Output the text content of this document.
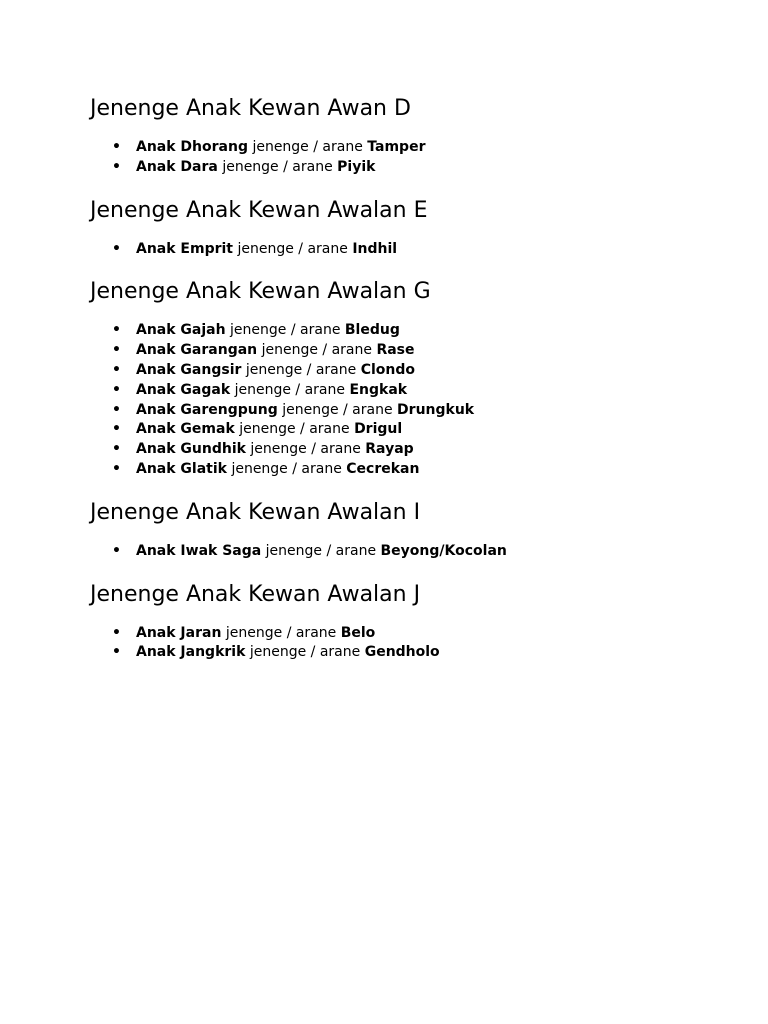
Jenenge Anak Kewan Awan D
• Anak Dhorang jenenge / arane Tamper
• Anak Dara jenenge / arane Piyik
Jenenge Anak Kewan Awalan E
• Anak Emprit jenenge / arane Indhil
Jenenge Anak Kewan Awalan G
• Anak Gajah jenenge / arane Bledug
• Anak Garangan jenenge / arane Rase
• Anak Gangsir jenenge / arane Clondo
• Anak Gagak jenenge / arane Engkak
• Anak Garengpung jenenge / arane Drungkuk
• Anak Gemak jenenge / arane Drigul
• Anak Gundhik jenenge / arane Rayap
• Anak Glatik jenenge / arane Cecrekan
Jenenge Anak Kewan Awalan I
• Anak Iwak Saga jenenge / arane Beyong/Kocolan
Jenenge Anak Kewan Awalan J
• Anak Jaran jenenge / arane Belo
• Anak Jangkrik jenenge / arane Gendholo
